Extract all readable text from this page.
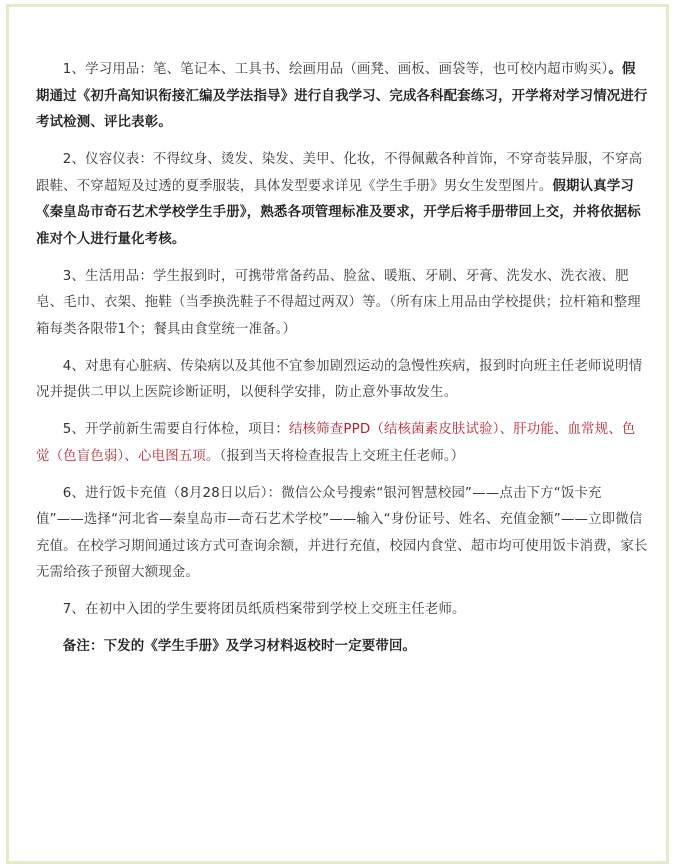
1、学习用品：笔、笔记本、工具书、绘画用品（画凳、画板、画袋等，也可校内超市购买）。假期通过《初升高知识衔接汇编及学法指导》进行自我学习、完成各科配套练习，开学将对学习情况进行考试检测、评比表彰。

2、仪容仪表：不得纹身、烫发、染发、美甲、化妆，不得佩戴各种首饰，不穿奇装异服，不穿高跟鞋、不穿超短及过透的夏季服装，具体发型要求详见《学生手册》男女生发型图片。假期认真学习《秦皇岛市奇石艺术学校学生手册》，熟悉各项管理标准及要求，开学后将手册带回上交，并将依据标准对个人进行量化考核。

3、生活用品：学生报到时，可携带常备药品、脸盆、暖瓶、牙刷、牙膏、洗发水、洗衣液、肥皂、毛巾、衣架、拖鞋（当季换洗鞋子不得超过两双）等。（所有床上用品由学校提供；拉杆箱和整理箱每类各限带1个；餐具由食堂统一准备。）

4、对患有心脏病、传染病以及其他不宜参加剧烈运动的急慢性疾病，报到时向班主任老师说明情况并提供二甲以上医院诊断证明，以便科学安排，防止意外事故发生。

5、开学前新生需要自行体检，项目：结核筛查PPD（结核菌素皮肤试验）、肝功能、血常规、色觉（色盲色弱）、心电图五项。（报到当天将检查报告上交班主任老师。）

6、进行饭卡充值（8月28日以后）：微信公众号搜索“银河智慧校园”——点击下方“饭卡充值”——选择“河北省—秦皇岛市—奇石艺术学校”——输入“身份证号、姓名、充值金额”——立即微信充值。在校学习期间通过该方式可查询余额，并进行充值，校园内食堂、超市均可使用饭卡消费，家长无需给孩子预留大额现金。

7、在初中入团的学生要将团员纸质档案带到学校上交班主任老师。

备注：下发的《学生手册》及学习材料返校时一定要带回。
